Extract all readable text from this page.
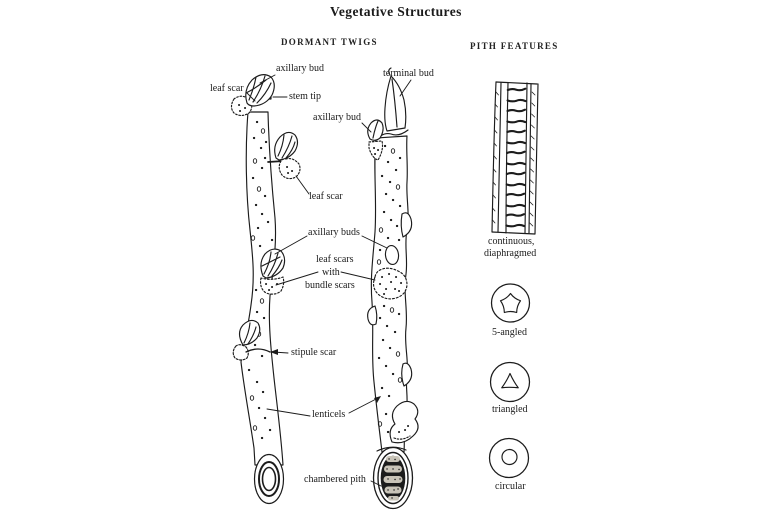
Vegetative Structures
DORMANT TWIGS	PITH FEATURES
axillary bud
leaf scar
stem tip
terminal bud
axillary bud
leaf scar
axillary buds
leaf scars
with
bundle scars
stipule scar
lenticels
chambered pith
continuous,
diaphragmed
5-angled
triangled
circular
